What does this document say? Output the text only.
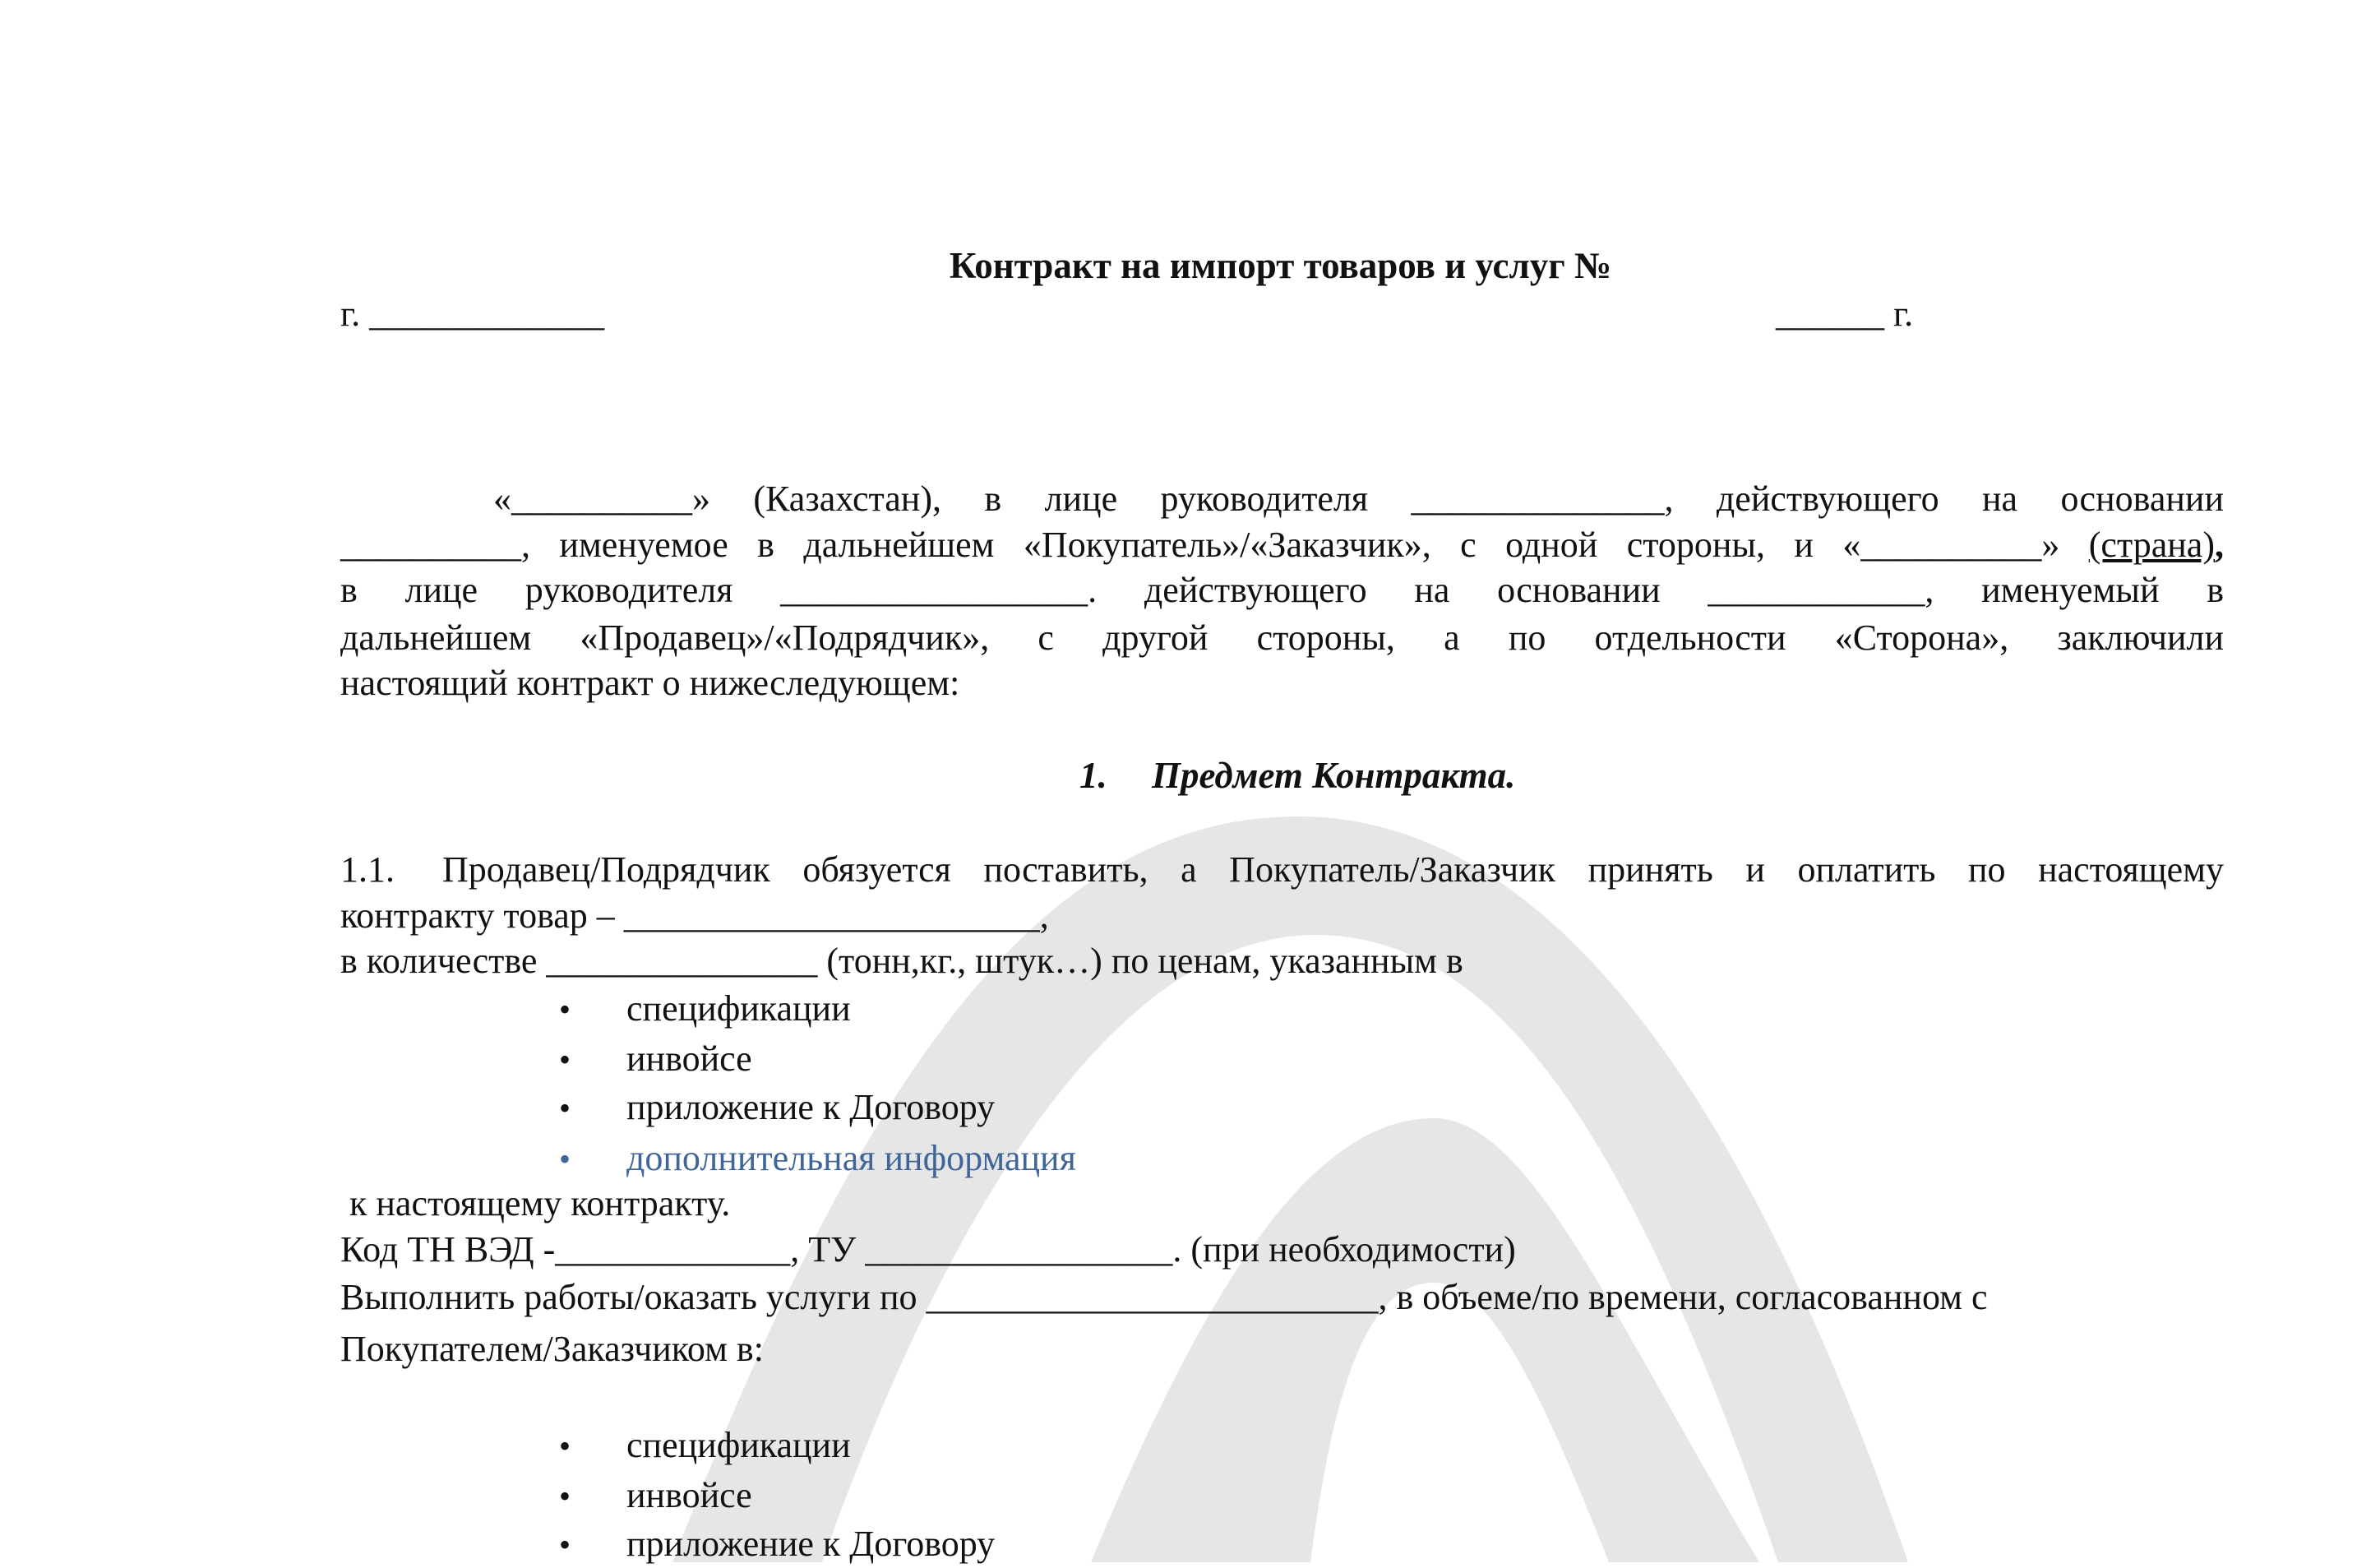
Контракт на импорт товаров и услуг №
г. _____________	______ г.
«__________» (Казахстан), в лице руководителя ______________, действующего на основании
__________, именуемое в дальнейшем «Покупатель»/«Заказчик», с одной стороны, и «__________» (страна),
в лице руководителя _________________. действующего на основании ____________, именуемый в
дальнейшем «Продавец»/«Подрядчик», с другой стороны, а по отдельности «Сторона», заключили
настоящий контракт о нижеследующем:
1. Предмет Контракта.
1.1. Продавец/Подрядчик обязуется поставить, а Покупатель/Заказчик принять и оплатить по настоящему
контракту товар – _______________________,
в количестве _______________ (тонн,кг., штук…) по ценам, указанным в
• спецификации
• инвойсе
• приложение к Договору
• дополнительная информация
к настоящему контракту.
Код ТН ВЭД -_____________, ТУ _________________. (при необходимости)
Выполнить работы/оказать услуги по _________________________, в объеме/по времени, согласованном с
Покупателем/Заказчиком в:
• спецификации
• инвойсе
• приложение к Договору
